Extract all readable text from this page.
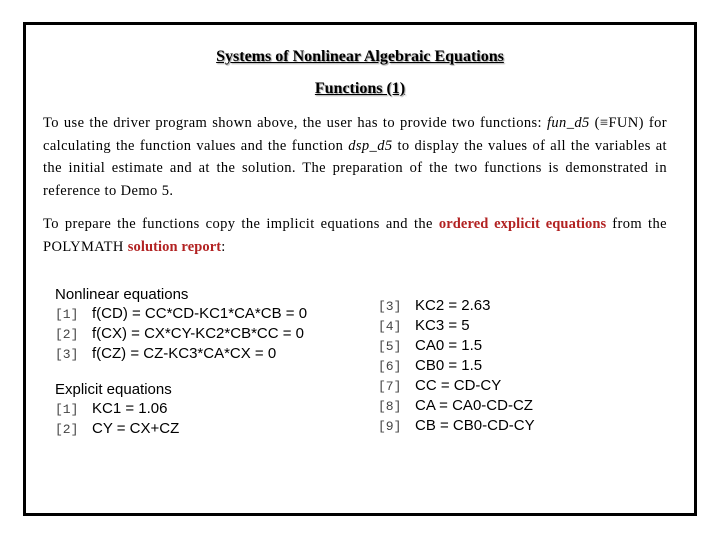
Systems of Nonlinear Algebraic Equations
Functions (1)
To use the driver program shown above, the user has to provide two functions: fun_d5 (≡FUN) for calculating the function values and the function dsp_d5 to display the values of all the variables at the initial estimate and at the solution. The preparation of the two functions is demonstrated in reference to Demo 5.
To prepare the functions copy the implicit equations and the ordered explicit equations from the POLYMATH solution report:
Nonlinear equations
[1] f(CD) = CC*CD-KC1*CA*CB = 0
[2] f(CX) = CX*CY-KC2*CB*CC = 0
[3] f(CZ) = CZ-KC3*CA*CX = 0
Explicit equations
[1] KC1 = 1.06
[2] CY = CX+CZ
[3] KC2 = 2.63
[4] KC3 = 5
[5] CA0 = 1.5
[6] CB0 = 1.5
[7] CC = CD-CY
[8] CA = CA0-CD-CZ
[9] CB = CB0-CD-CY
